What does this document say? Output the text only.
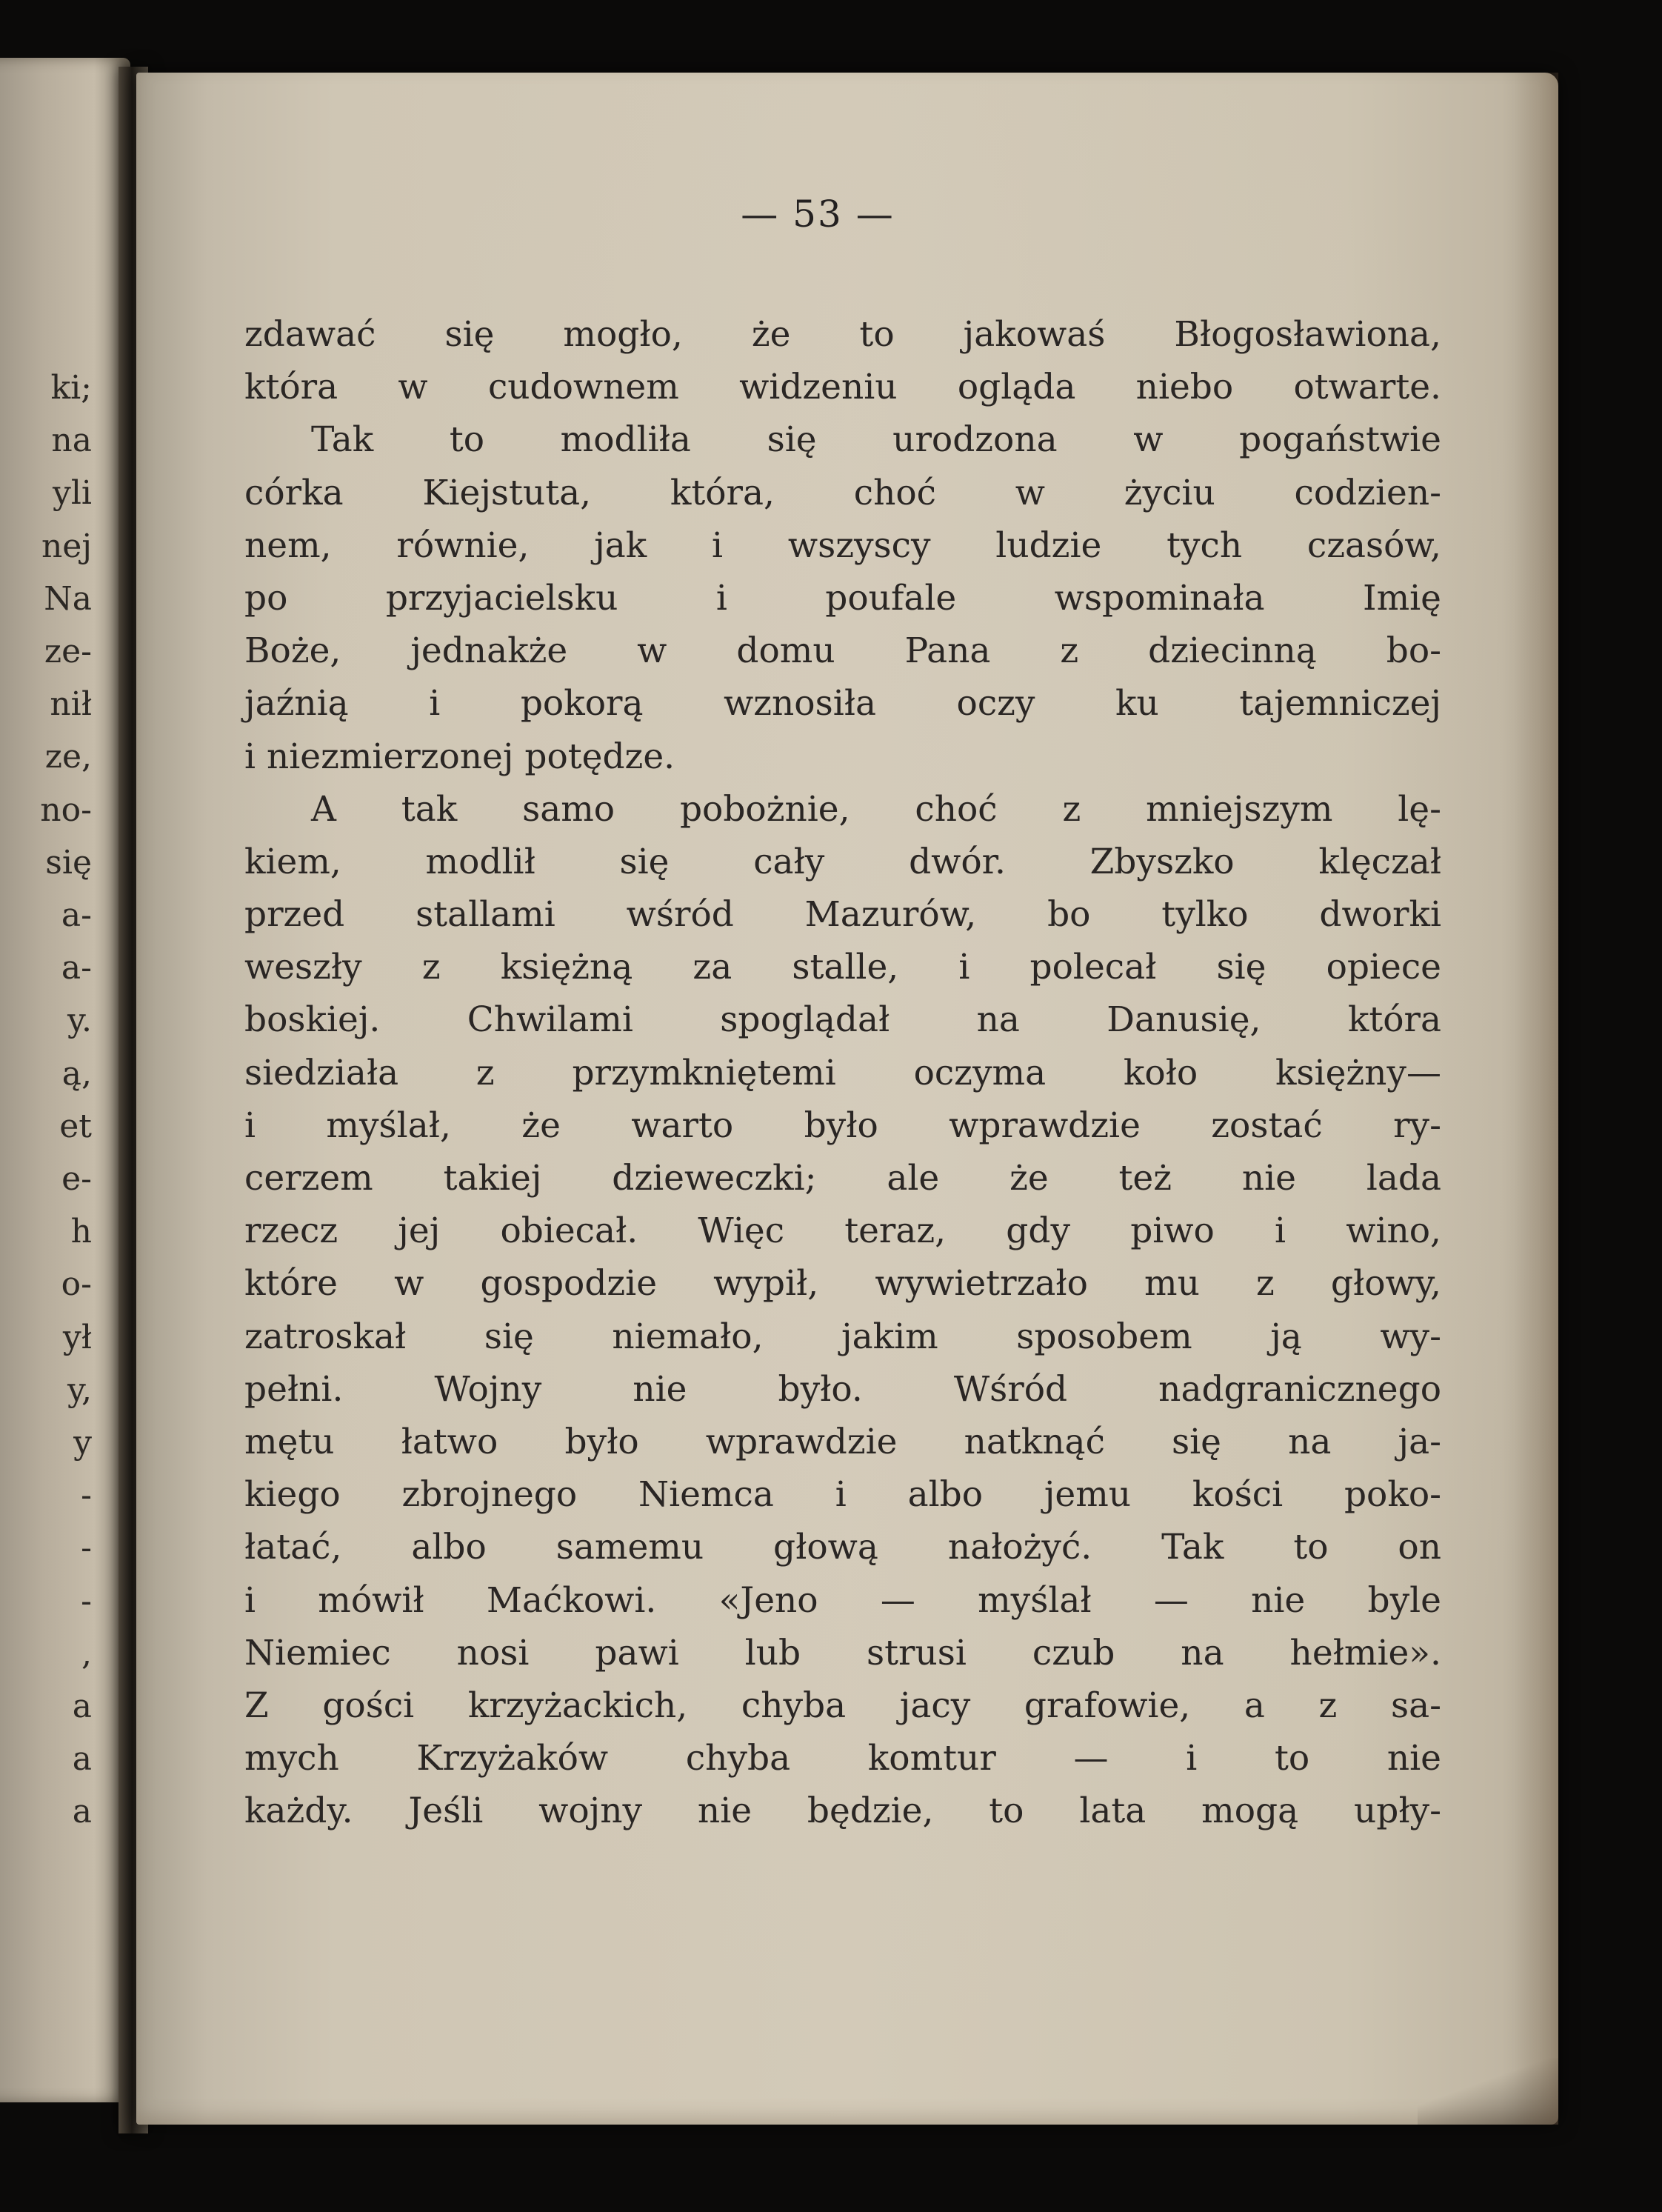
ki;
na
yli
nej
Na
ze-
nił
ze,
no-
się
a-
a-
y.
ą,
et
e-
h
o-
ył
y,
y
-
-
-
,
a
a
a
— 53 —
zdawać się mogło, że to jakowaś Błogosławiona,
która w cudownem widzeniu ogląda niebo otwarte.
Tak to modliła się urodzona w pogaństwie
córka Kiejstuta, która, choć w życiu codzien-
nem, równie, jak i wszyscy ludzie tych czasów,
po przyjacielsku i poufale wspominała Imię
Boże, jednakże w domu Pana z dziecinną bo-
jaźnią i pokorą wznosiła oczy ku tajemniczej
i niezmierzonej potędze.
A tak samo pobożnie, choć z mniejszym lę-
kiem, modlił się cały dwór. Zbyszko klęczał
przed stallami wśród Mazurów, bo tylko dworki
weszły z księżną za stalle, i polecał się opiece
boskiej. Chwilami spoglądał na Danusię, która
siedziała z przymkniętemi oczyma koło księżny—
i myślał, że warto było wprawdzie zostać ry-
cerzem takiej dzieweczki; ale że też nie lada
rzecz jej obiecał. Więc teraz, gdy piwo i wino,
które w gospodzie wypił, wywietrzało mu z głowy,
zatroskał się niemało, jakim sposobem ją wy-
pełni. Wojny nie było. Wśród nadgranicznego
mętu łatwo było wprawdzie natknąć się na ja-
kiego zbrojnego Niemca i albo jemu kości poko-
łatać, albo samemu głową nałożyć. Tak to on
i mówił Maćkowi. «Jeno — myślał — nie byle
Niemiec nosi pawi lub strusi czub na hełmie».
Z gości krzyżackich, chyba jacy grafowie, a z sa-
mych Krzyżaków chyba komtur — i to nie
każdy. Jeśli wojny nie będzie, to lata mogą upły-
